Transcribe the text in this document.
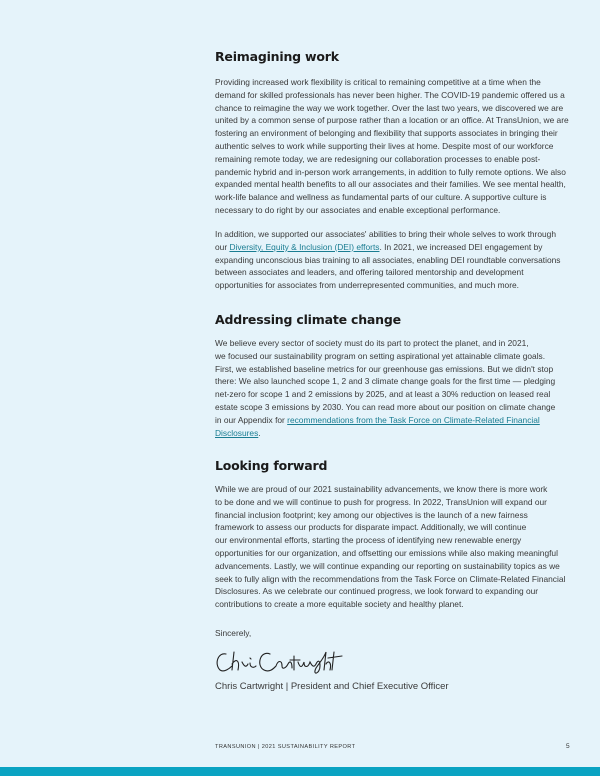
Reimagining work
Providing increased work flexibility is critical to remaining competitive at a time when the
demand for skilled professionals has never been higher. The COVID-19 pandemic offered us a
chance to reimagine the way we work together. Over the last two years, we discovered we are
united by a common sense of purpose rather than a location or an office. At TransUnion, we are
fostering an environment of belonging and flexibility that supports associates in bringing their
authentic selves to work while supporting their lives at home. Despite most of our workforce
remaining remote today, we are redesigning our collaboration processes to enable post-
pandemic hybrid and in-person work arrangements, in addition to fully remote options. We also
expanded mental health benefits to all our associates and their families. We see mental health,
work-life balance and wellness as fundamental parts of our culture. A supportive culture is
necessary to do right by our associates and enable exceptional performance.
In addition, we supported our associates' abilities to bring their whole selves to work through
our Diversity, Equity & Inclusion (DEI) efforts. In 2021, we increased DEI engagement by
expanding unconscious bias training to all associates, enabling DEI roundtable conversations
between associates and leaders, and offering tailored mentorship and development
opportunities for associates from underrepresented communities, and much more.
Addressing climate change
We believe every sector of society must do its part to protect the planet, and in 2021,
we focused our sustainability program on setting aspirational yet attainable climate goals.
First, we established baseline metrics for our greenhouse gas emissions. But we didn't stop
there: We also launched scope 1, 2 and 3 climate change goals for the first time — pledging
net-zero for scope 1 and 2 emissions by 2025, and at least a 30% reduction on leased real
estate scope 3 emissions by 2030. You can read more about our position on climate change
in our Appendix for recommendations from the Task Force on Climate-Related Financial
Disclosures.
Looking forward
While we are proud of our 2021 sustainability advancements, we know there is more work
to be done and we will continue to push for progress. In 2022, TransUnion will expand our
financial inclusion footprint; key among our objectives is the launch of a new fairness
framework to assess our products for disparate impact. Additionally, we will continue
our environmental efforts, starting the process of identifying new renewable energy
opportunities for our organization, and offsetting our emissions while also making meaningful
advancements. Lastly, we will continue expanding our reporting on sustainability topics as we
seek to fully align with the recommendations from the Task Force on Climate-Related Financial
Disclosures. As we celebrate our continued progress, we look forward to expanding our
contributions to create a more equitable society and healthy planet.
Sincerely,
Chris Cartwright | President and Chief Executive Officer
TRANSUNION | 2021 SUSTAINABILITY REPORT	5
